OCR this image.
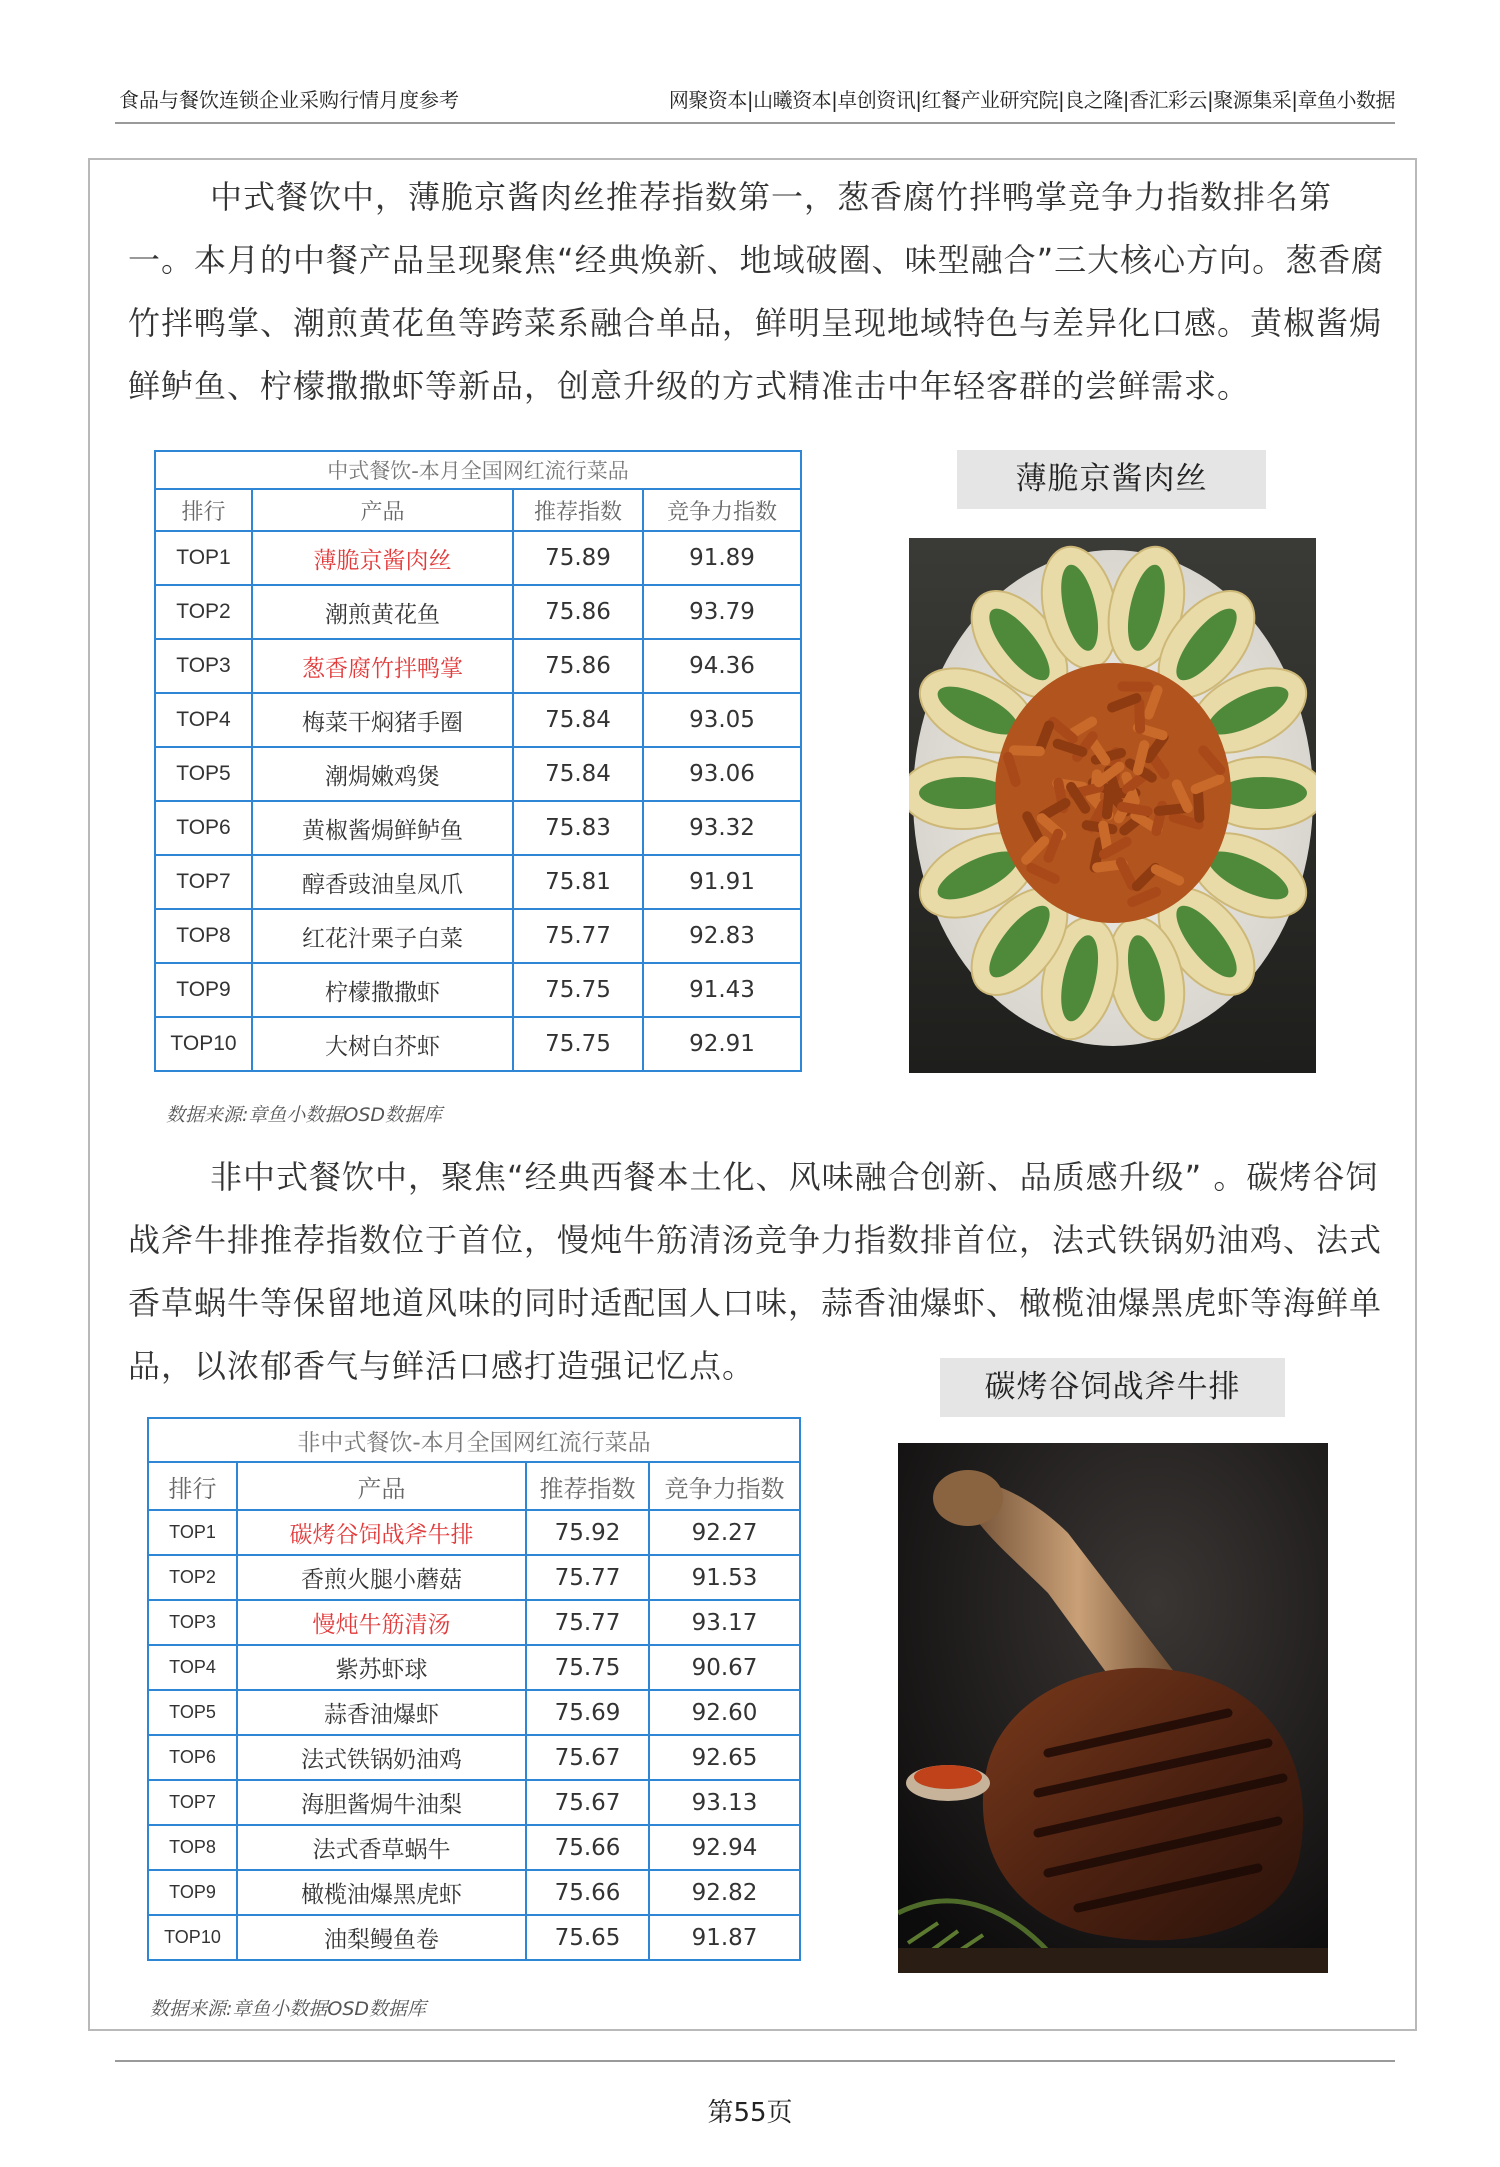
食品与餐饮连锁企业采购行情月度参考	网聚资本|山曦资本|卓创资讯|红餐产业研究院|良之隆|香汇彩云|聚源集采|章鱼小数据

中式餐饮中，薄脆京酱肉丝推荐指数第一，葱香腐竹拌鸭掌竞争力指数排名第一。本月的中餐产品呈现聚焦“经典焕新、地域破圈、味型融合”三大核心方向。葱香腐竹拌鸭掌、潮煎黄花鱼等跨菜系融合单品，鲜明呈现地域特色与差异化口感。黄椒酱焗鲜鲈鱼、柠檬撒撒虾等新品，创意升级的方式精准击中年轻客群的尝鲜需求。

中式餐饮-本月全国网红流行菜品			
排行	产品	推荐指数	竞争力指数
TOP1	薄脆京酱肉丝	75.89	91.89
TOP2	潮煎黄花鱼	75.86	93.79
TOP3	葱香腐竹拌鸭掌	75.86	94.36
TOP4	梅菜干焖猪手圈	75.84	93.05
TOP5	潮焗嫩鸡煲	75.84	93.06
TOP6	黄椒酱焗鲜鲈鱼	75.83	93.32
TOP7	醇香豉油皇凤爪	75.81	91.91
TOP8	红花汁栗子白菜	75.77	92.83
TOP9	柠檬撒撒虾	75.75	91.43
TOP10	大树白芥虾	75.75	92.91
数据来源:章鱼小数据OSD数据库
薄脆京酱肉丝

非中式餐饮中，聚焦“经典西餐本土化、风味融合创新、品质感升级” 。碳烤谷饲战斧牛排推荐指数位于首位，慢炖牛筋清汤竞争力指数排首位，法式铁锅奶油鸡、法式香草蜗牛等保留地道风味的同时适配国人口味，蒜香油爆虾、橄榄油爆黑虎虾等海鲜单品，以浓郁香气与鲜活口感打造强记忆点。

碳烤谷饲战斧牛排
非中式餐饮-本月全国网红流行菜品			
排行	产品	推荐指数	竞争力指数
TOP1	碳烤谷饲战斧牛排	75.92	92.27
TOP2	香煎火腿小蘑菇	75.77	91.53
TOP3	慢炖牛筋清汤	75.77	93.17
TOP4	紫苏虾球	75.75	90.67
TOP5	蒜香油爆虾	75.69	92.60
TOP6	法式铁锅奶油鸡	75.67	92.65
TOP7	海胆酱焗牛油梨	75.67	93.13
TOP8	法式香草蜗牛	75.66	92.94
TOP9	橄榄油爆黑虎虾	75.66	92.82
TOP10	油梨鳗鱼卷	75.65	91.87
数据来源:章鱼小数据OSD数据库
第55页
